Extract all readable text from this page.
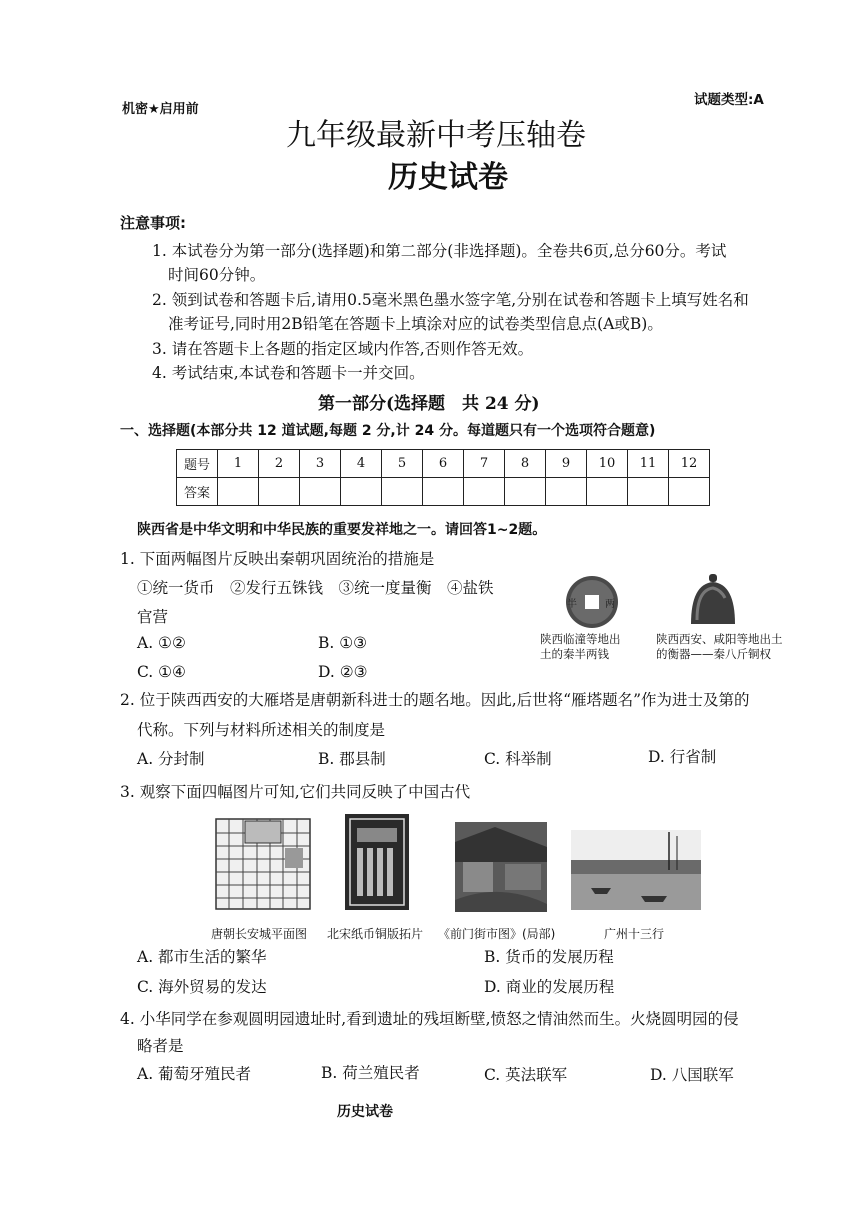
机密★启用前
试题类型:A
九年级最新中考压轴卷
历史试卷
注意事项:
1. 本试卷分为第一部分(选择题)和第二部分(非选择题)。全卷共6页,总分60分。考试
时间60分钟。
2. 领到试卷和答题卡后,请用0.5毫米黑色墨水签字笔,分别在试卷和答题卡上填写姓名和
准考证号,同时用2B铅笔在答题卡上填涂对应的试卷类型信息点(A或B)。
3. 请在答题卡上各题的指定区域内作答,否则作答无效。
4. 考试结束,本试卷和答题卡一并交回。
第一部分(选择题　共 24 分)
一、选择题(本部分共 12 道试题,每题 2 分,计 24 分。每道题只有一个选项符合题意)
题号	1	2	3	4	5	6	7	8	9	10	11	12
答案												
陕西省是中华文明和中华民族的重要发祥地之一。请回答1~2题。
1. 下面两幅图片反映出秦朝巩固统治的措施是
①统一货币　②发行五铢钱　③统一度量衡　④盐铁
官营
A. ①②	B. ①③
C. ①④	D. ②③
半	两
陕西临潼等地出
土的秦半两钱
陕西西安、咸阳等地出土
的衡器——秦八斤铜权
2. 位于陕西西安的大雁塔是唐朝新科进士的题名地。因此,后世将“雁塔题名”作为进士及第的
代称。下列与材料所述相关的制度是
A. 分封制	B. 郡县制	C. 科举制	D. 行省制
3. 观察下面四幅图片可知,它们共同反映了中国古代
唐朝长安城平面图 北宋纸币铜版拓片 《前门街市图》(局部)	广州十三行
A. 都市生活的繁华	B. 货币的发展历程
C. 海外贸易的发达	D. 商业的发展历程
4. 小华同学在参观圆明园遗址时,看到遗址的残垣断壁,愤怒之情油然而生。火烧圆明园的侵
略者是
A. 葡萄牙殖民者	B. 荷兰殖民者	C. 英法联军	D. 八国联军
历史试卷
